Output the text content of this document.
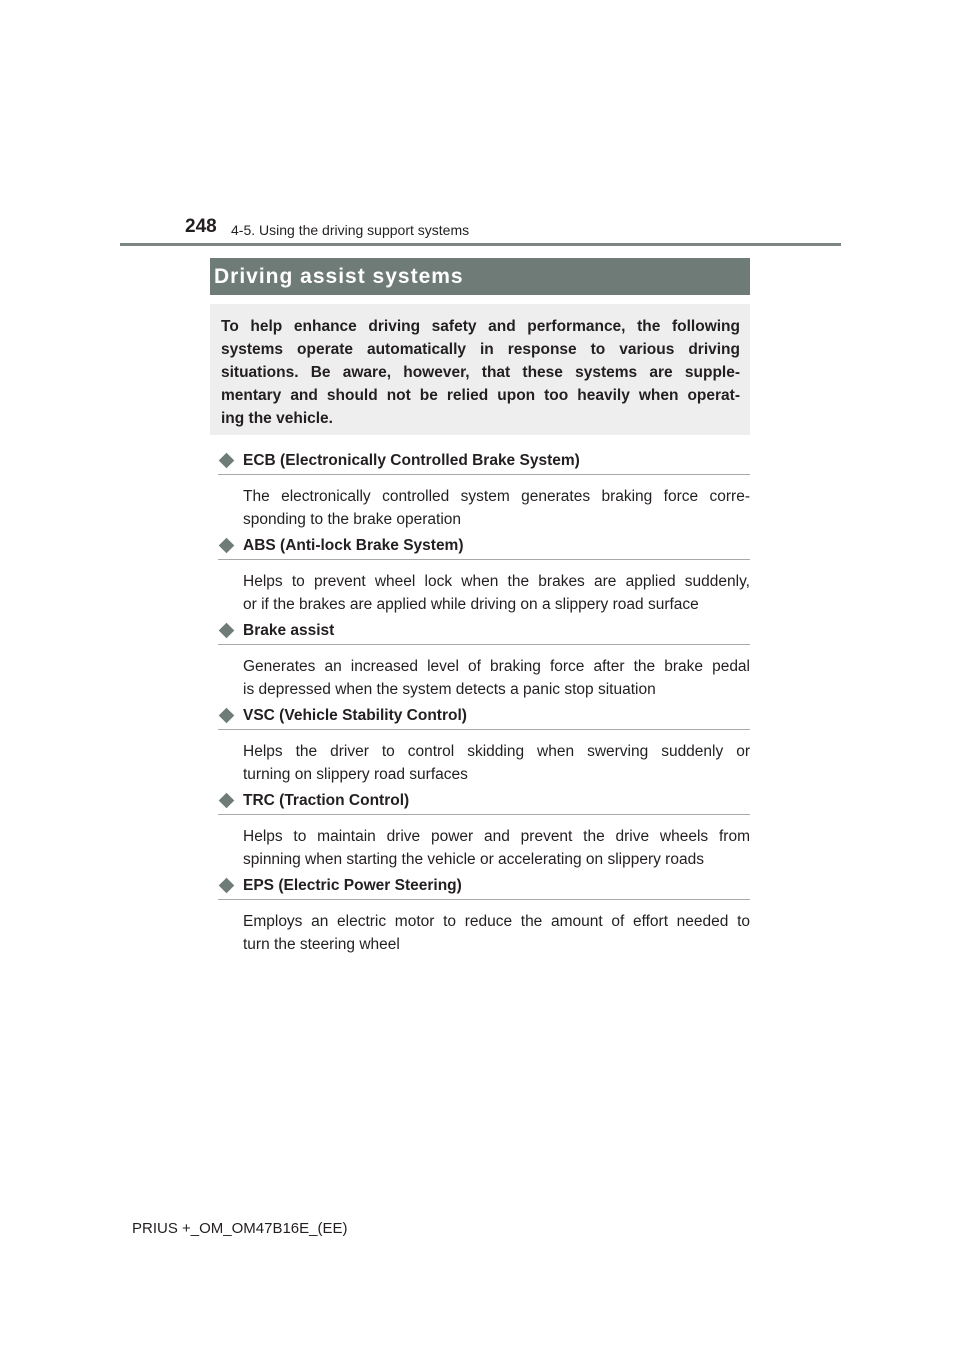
248 4-5. Using the driving support systems
Driving assist systems
To help enhance driving safety and performance, the following
systems operate automatically in response to various driving
situations. Be aware, however, that these systems are supple-
mentary and should not be relied upon too heavily when operat-
ing the vehicle.
ECB (Electronically Controlled Brake System)
The electronically controlled system generates braking force corre-
sponding to the brake operation
ABS (Anti-lock Brake System)
Helps to prevent wheel lock when the brakes are applied suddenly,
or if the brakes are applied while driving on a slippery road surface
Brake assist
Generates an increased level of braking force after the brake pedal
is depressed when the system detects a panic stop situation
VSC (Vehicle Stability Control)
Helps the driver to control skidding when swerving suddenly or
turning on slippery road surfaces
TRC (Traction Control)
Helps to maintain drive power and prevent the drive wheels from
spinning when starting the vehicle or accelerating on slippery roads
EPS (Electric Power Steering)
Employs an electric motor to reduce the amount of effort needed to
turn the steering wheel
PRIUS +_OM_OM47B16E_(EE)
